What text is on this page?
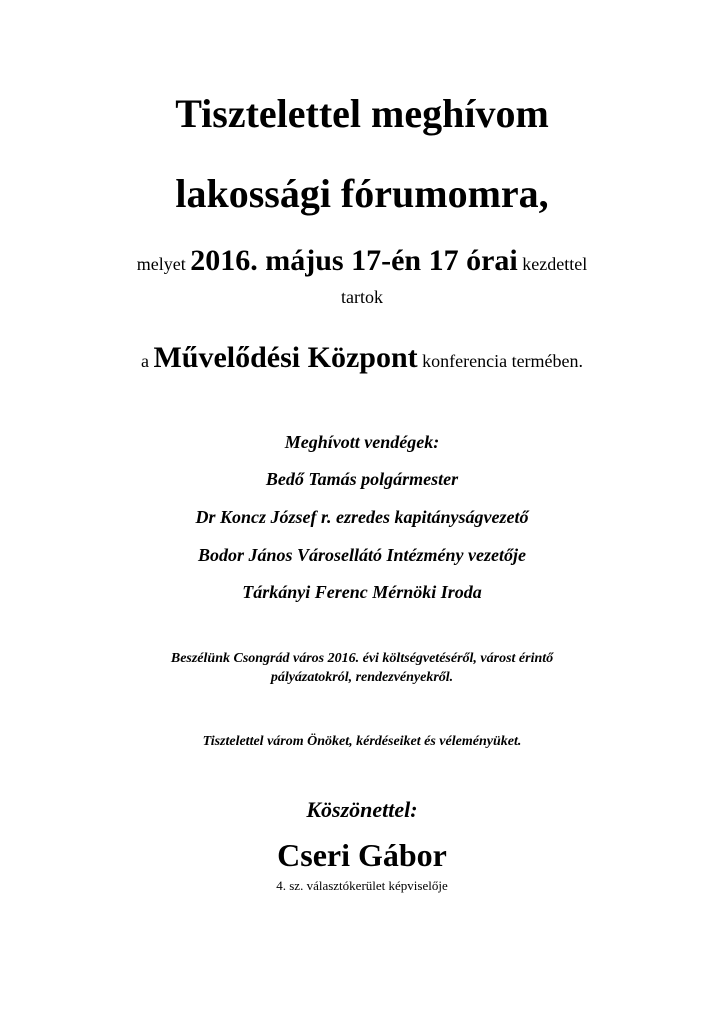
Tisztelettel meghívom
lakossági fórumomra,
melyet 2016. május 17-én 17 órai kezdettel
tartok
a Művelődési Központ konferencia termében.
Meghívott vendégek:
Bedő Tamás polgármester
Dr Koncz József r. ezredes kapitányságvezető
Bodor János Városellátó Intézmény vezetője
Tárkányi Ferenc Mérnöki Iroda
Beszélünk Csongrád város 2016. évi költségvetéséről, várost érintő
pályázatokról, rendezvényekről.
Tisztelettel várom Önöket, kérdéseiket és véleményüket.
Köszönettel:
Cseri Gábor
4. sz. választókerület képviselője
